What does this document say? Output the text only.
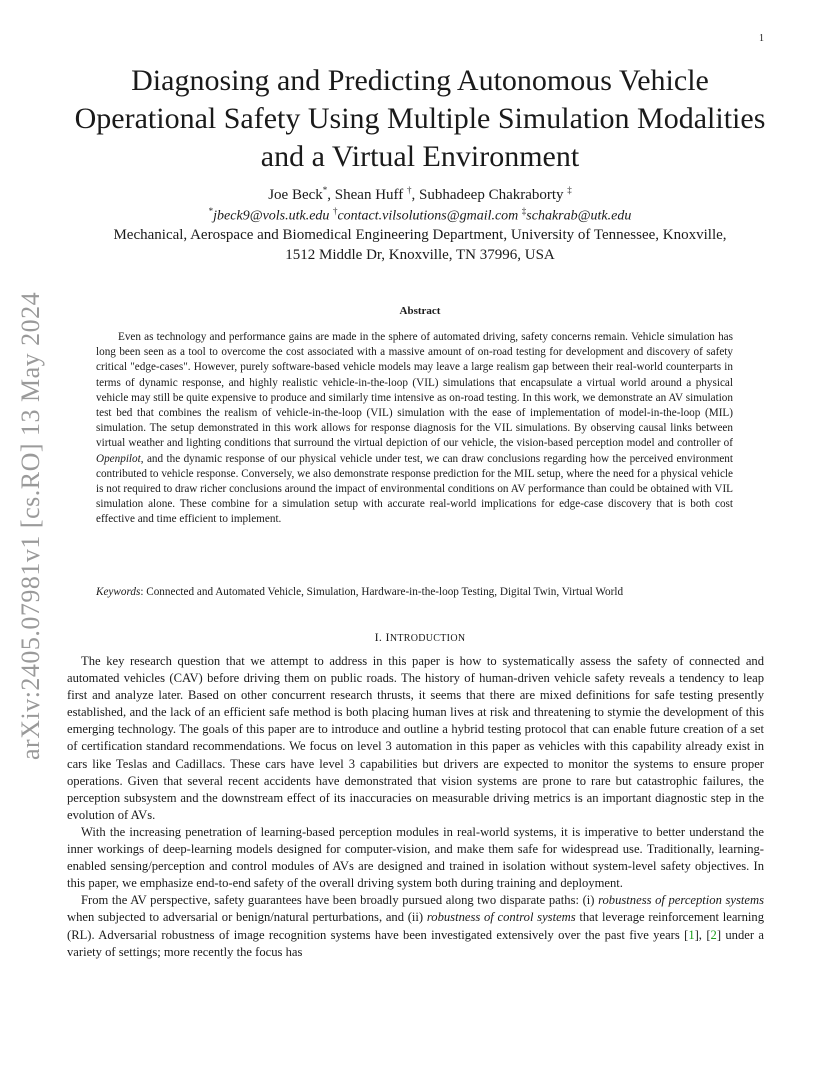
1
arXiv:2405.07981v1 [cs.RO] 13 May 2024
Diagnosing and Predicting Autonomous Vehicle Operational Safety Using Multiple Simulation Modalities and a Virtual Environment
Joe Beck*, Shean Huff †, Subhadeep Chakraborty ‡
*jbeck9@vols.utk.edu †contact.vilsolutions@gmail.com ‡schakrab@utk.edu
Mechanical, Aerospace and Biomedical Engineering Department, University of Tennessee, Knoxville,
1512 Middle Dr, Knoxville, TN 37996, USA
Abstract

Even as technology and performance gains are made in the sphere of automated driving, safety concerns remain. Vehicle simulation has long been seen as a tool to overcome the cost associated with a massive amount of on-road testing for development and discovery of safety critical "edge-cases". However, purely software-based vehicle models may leave a large realism gap between their real-world counterparts in terms of dynamic response, and highly realistic vehicle-in-the-loop (VIL) simulations that encapsulate a virtual world around a physical vehicle may still be quite expensive to produce and similarly time intensive as on-road testing. In this work, we demonstrate an AV simulation test bed that combines the realism of vehicle-in-the-loop (VIL) simulation with the ease of implementation of model-in-the-loop (MIL) simulation. The setup demonstrated in this work allows for response diagnosis for the VIL simulations. By observing causal links between virtual weather and lighting conditions that surround the virtual depiction of our vehicle, the vision-based perception model and controller of Openpilot, and the dynamic response of our physical vehicle under test, we can draw conclusions regarding how the perceived environment contributed to vehicle response. Conversely, we also demonstrate response prediction for the MIL setup, where the need for a physical vehicle is not required to draw richer conclusions around the impact of environmental conditions on AV performance than could be obtained with VIL simulation alone. These combine for a simulation setup with accurate real-world implications for edge-case discovery that is both cost effective and time efficient to implement.

Keywords: Connected and Automated Vehicle, Simulation, Hardware-in-the-loop Testing, Digital Twin, Virtual World
I. INTRODUCTION

The key research question that we attempt to address in this paper is how to systematically assess the safety of connected and automated vehicles (CAV) before driving them on public roads. The history of human-driven vehicle safety reveals a tendency to leap first and analyze later. Based on other concurrent research thrusts, it seems that there are mixed definitions for safe testing presently established, and the lack of an efficient safe method is both placing human lives at risk and threatening to stymie the development of this emerging technology. The goals of this paper are to introduce and outline a hybrid testing protocol that can enable future creation of a set of certification standard recommendations. We focus on level 3 automation in this paper as vehicles with this capability already exist in cars like Teslas and Cadillacs. These cars have level 3 capabilities but drivers are expected to monitor the systems to ensure proper operations. Given that several recent accidents have demonstrated that vision systems are prone to rare but catastrophic failures, the perception subsystem and the downstream effect of its inaccuracies on measurable driving metrics is an important diagnostic step in the evolution of AVs.

With the increasing penetration of learning-based perception modules in real-world systems, it is imperative to better understand the inner workings of deep-learning models designed for computer-vision, and make them safe for widespread use. Traditionally, learning-enabled sensing/perception and control modules of AVs are designed and trained in isolation without system-level safety objectives. In this paper, we emphasize end-to-end safety of the overall driving system both during training and deployment.

From the AV perspective, safety guarantees have been broadly pursued along two disparate paths: (i) robustness of perception systems when subjected to adversarial or benign/natural perturbations, and (ii) robustness of control systems that leverage reinforcement learning (RL). Adversarial robustness of image recognition systems have been investigated extensively over the past five years [1], [2] under a variety of settings; more recently the focus has
